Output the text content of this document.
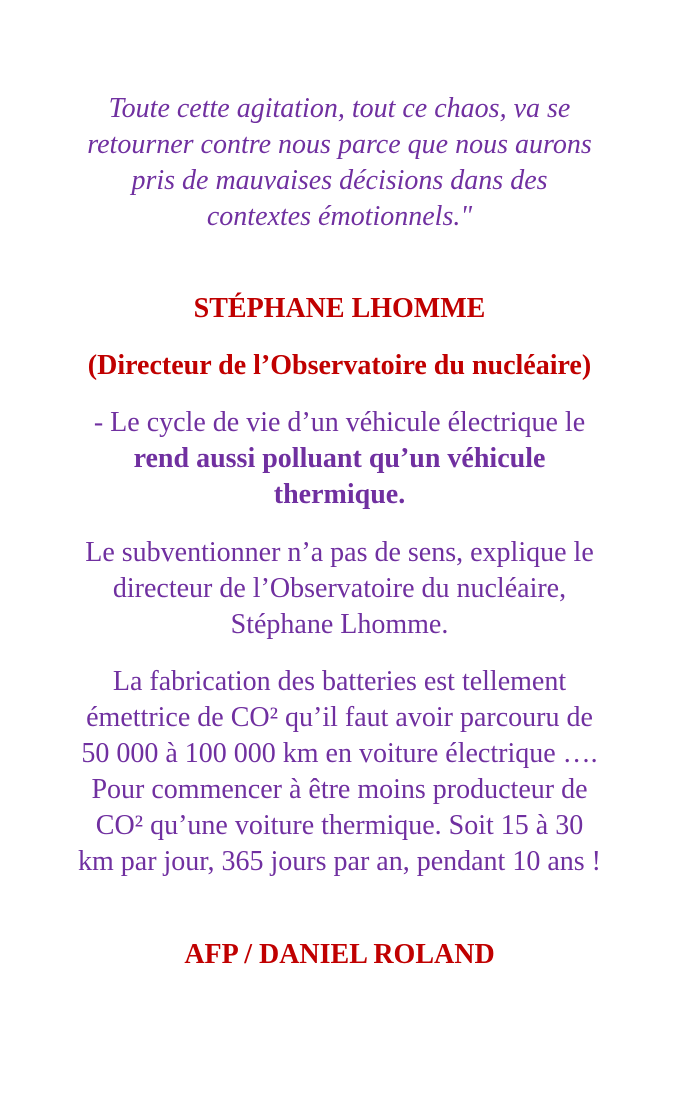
Toute cette agitation, tout ce chaos, va se
retourner contre nous parce que nous aurons
pris de mauvaises décisions dans des
contextes émotionnels."

STÉPHANE LHOMME

(Directeur de l’Observatoire du nucléaire)

- Le cycle de vie d’un véhicule électrique le
rend aussi polluant qu’un véhicule
thermique.

Le subventionner n’a pas de sens, explique le
directeur de l’Observatoire du nucléaire,
Stéphane Lhomme.

La fabrication des batteries est tellement
émettrice de CO² qu’il faut avoir parcouru de
50 000 à 100 000 km en voiture électrique ….
Pour commencer à être moins producteur de
CO² qu’une voiture thermique. Soit 15 à 30
km par jour, 365 jours par an, pendant 10 ans !

AFP / DANIEL ROLAND
